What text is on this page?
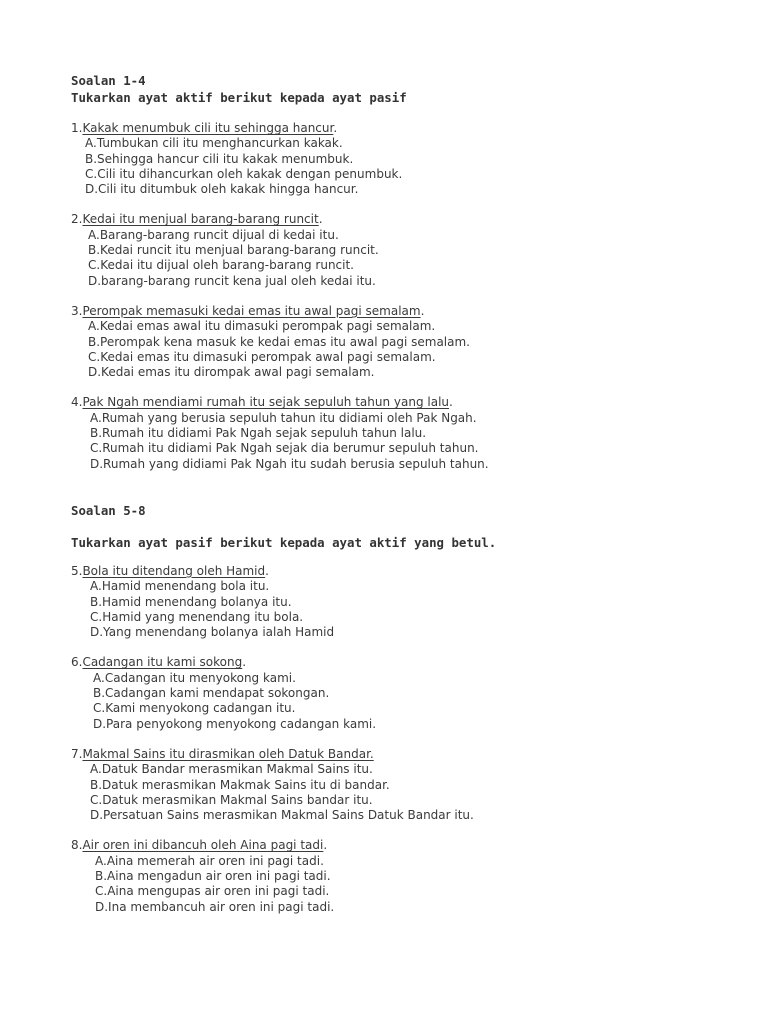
Soalan 1-4
Tukarkan ayat aktif berikut kepada ayat pasif
1.Kakak menumbuk cili itu sehingga hancur.
A.Tumbukan cili itu menghancurkan kakak.
B.Sehingga hancur cili itu kakak menumbuk.
C.Cili itu dihancurkan oleh kakak dengan penumbuk.
D.Cili itu ditumbuk oleh kakak hingga hancur.
2.Kedai itu menjual barang-barang runcit.
A.Barang-barang runcit dijual di kedai itu.
B.Kedai runcit itu menjual barang-barang runcit.
C.Kedai itu dijual oleh barang-barang runcit.
D.barang-barang runcit kena jual oleh kedai itu.
3.Perompak memasuki kedai emas itu awal pagi semalam.
A.Kedai emas awal itu dimasuki perompak pagi semalam.
B.Perompak kena masuk ke kedai emas itu awal pagi semalam.
C.Kedai emas itu dimasuki perompak awal pagi semalam.
D.Kedai emas itu dirompak awal pagi semalam.
4.Pak Ngah mendiami rumah itu sejak sepuluh tahun yang lalu.
A.Rumah yang berusia sepuluh tahun itu didiami oleh Pak Ngah.
B.Rumah itu didiami Pak Ngah sejak sepuluh tahun lalu.
C.Rumah itu didiami Pak Ngah sejak dia berumur sepuluh tahun.
D.Rumah yang didiami Pak Ngah itu sudah berusia sepuluh tahun.
Soalan 5-8
Tukarkan ayat pasif berikut kepada ayat aktif yang betul.
5.Bola itu ditendang oleh Hamid.
A.Hamid menendang bola itu.
B.Hamid menendang bolanya itu.
C.Hamid yang menendang itu bola.
D.Yang menendang bolanya ialah Hamid
6.Cadangan itu kami sokong.
A.Cadangan itu menyokong kami.
B.Cadangan kami mendapat sokongan.
C.Kami menyokong cadangan itu.
D.Para penyokong menyokong cadangan kami.
7.Makmal Sains itu dirasmikan oleh Datuk Bandar.
A.Datuk Bandar merasmikan Makmal Sains itu.
B.Datuk merasmikan Makmak Sains itu di bandar.
C.Datuk merasmikan Makmal Sains bandar itu.
D.Persatuan Sains merasmikan Makmal Sains Datuk Bandar itu.
8.Air oren ini dibancuh oleh Aina pagi tadi.
A.Aina memerah air oren ini pagi tadi.
B.Aina mengadun air oren ini pagi tadi.
C.Aina mengupas air oren ini pagi tadi.
D.Ina membancuh air oren ini pagi tadi.
